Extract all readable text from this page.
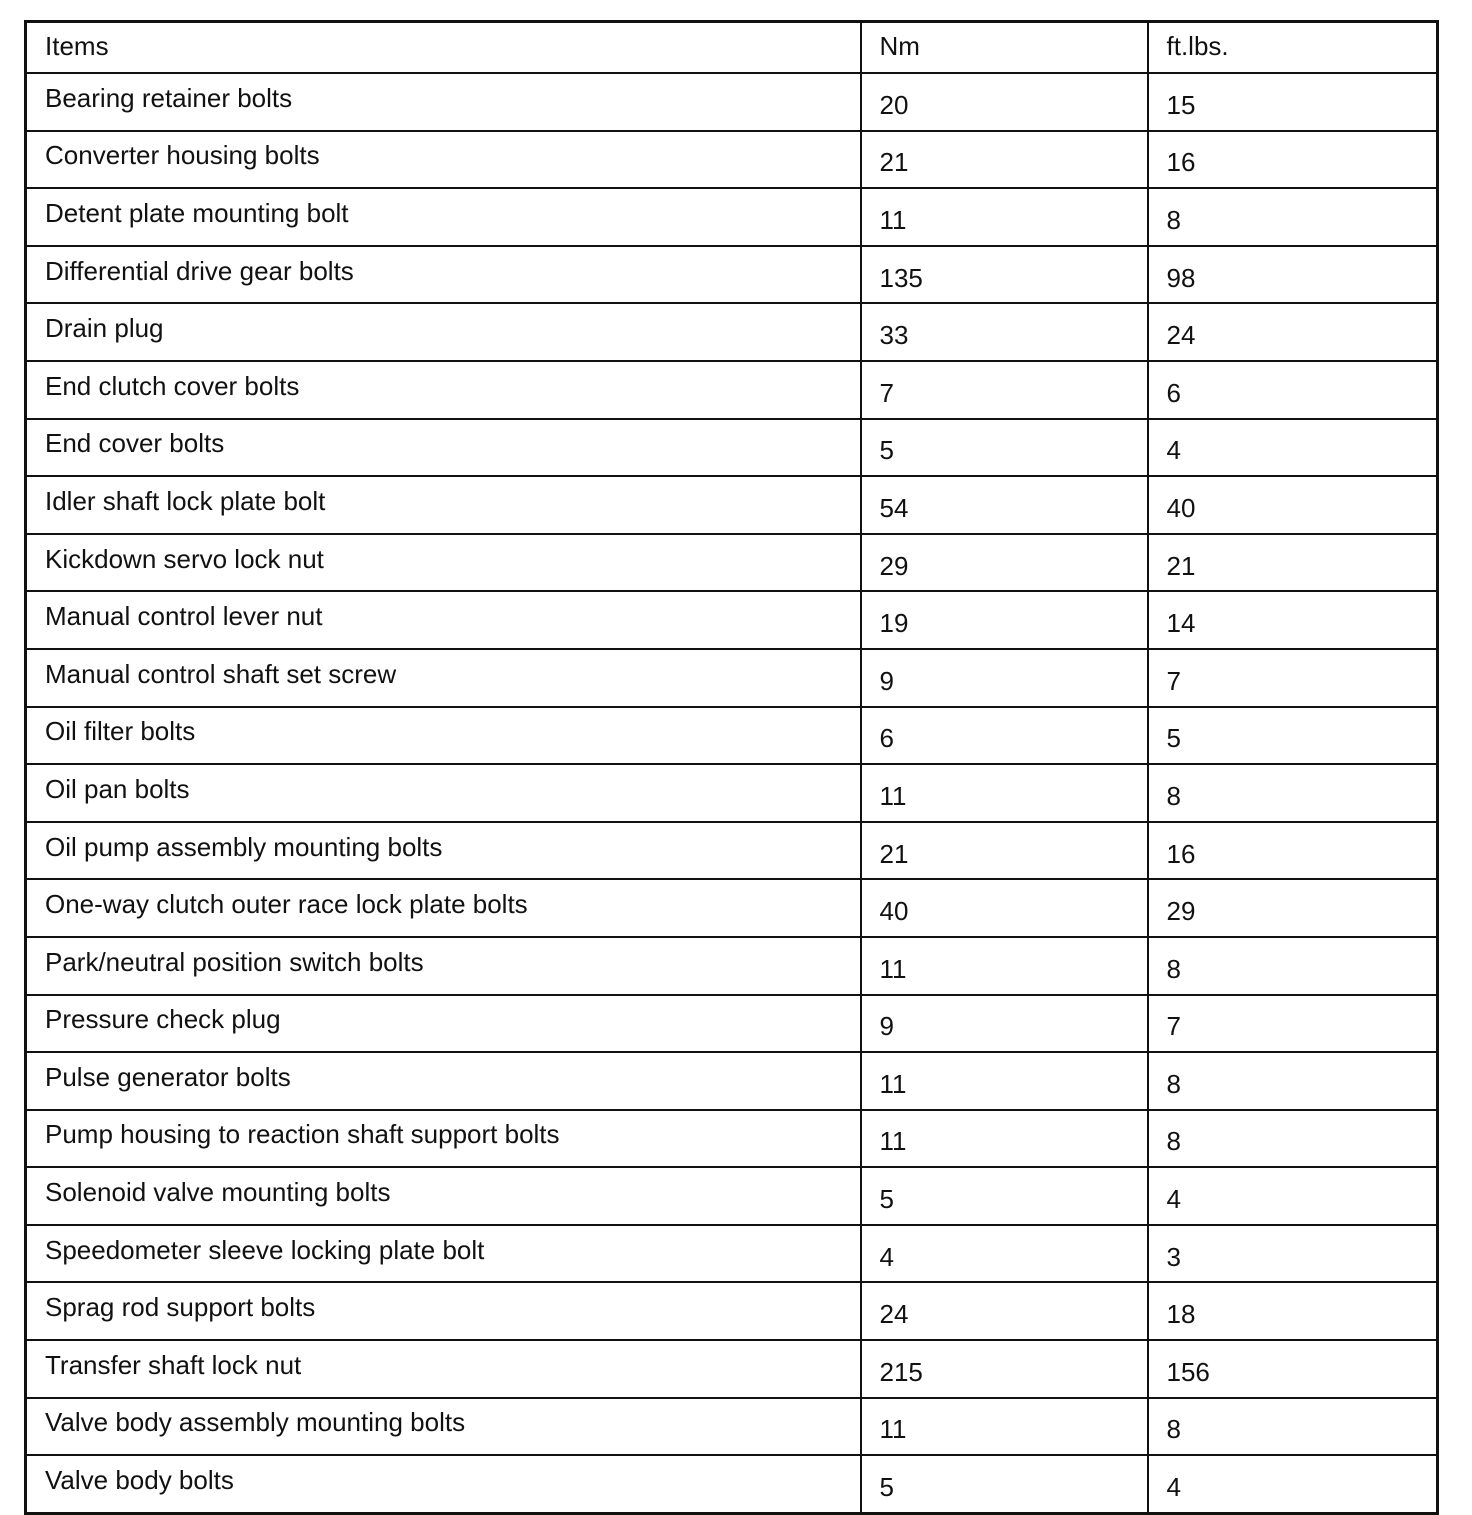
Items	Nm	ft.lbs.
Bearing retainer bolts	20	15
Converter housing bolts	21	16
Detent plate mounting bolt	11	8
Differential drive gear bolts	135	98
Drain plug	33	24
End clutch cover bolts	7	6
End cover bolts	5	4
Idler shaft lock plate bolt	54	40
Kickdown servo lock nut	29	21
Manual control lever nut	19	14
Manual control shaft set screw	9	7
Oil filter bolts	6	5
Oil pan bolts	11	8
Oil pump assembly mounting bolts	21	16
One-way clutch outer race lock plate bolts	40	29
Park/neutral position switch bolts	11	8
Pressure check plug	9	7
Pulse generator bolts	11	8
Pump housing to reaction shaft support bolts	11	8
Solenoid valve mounting bolts	5	4
Speedometer sleeve locking plate bolt	4	3
Sprag rod support bolts	24	18
Transfer shaft lock nut	215	156
Valve body assembly mounting bolts	11	8
Valve body bolts	5	4
